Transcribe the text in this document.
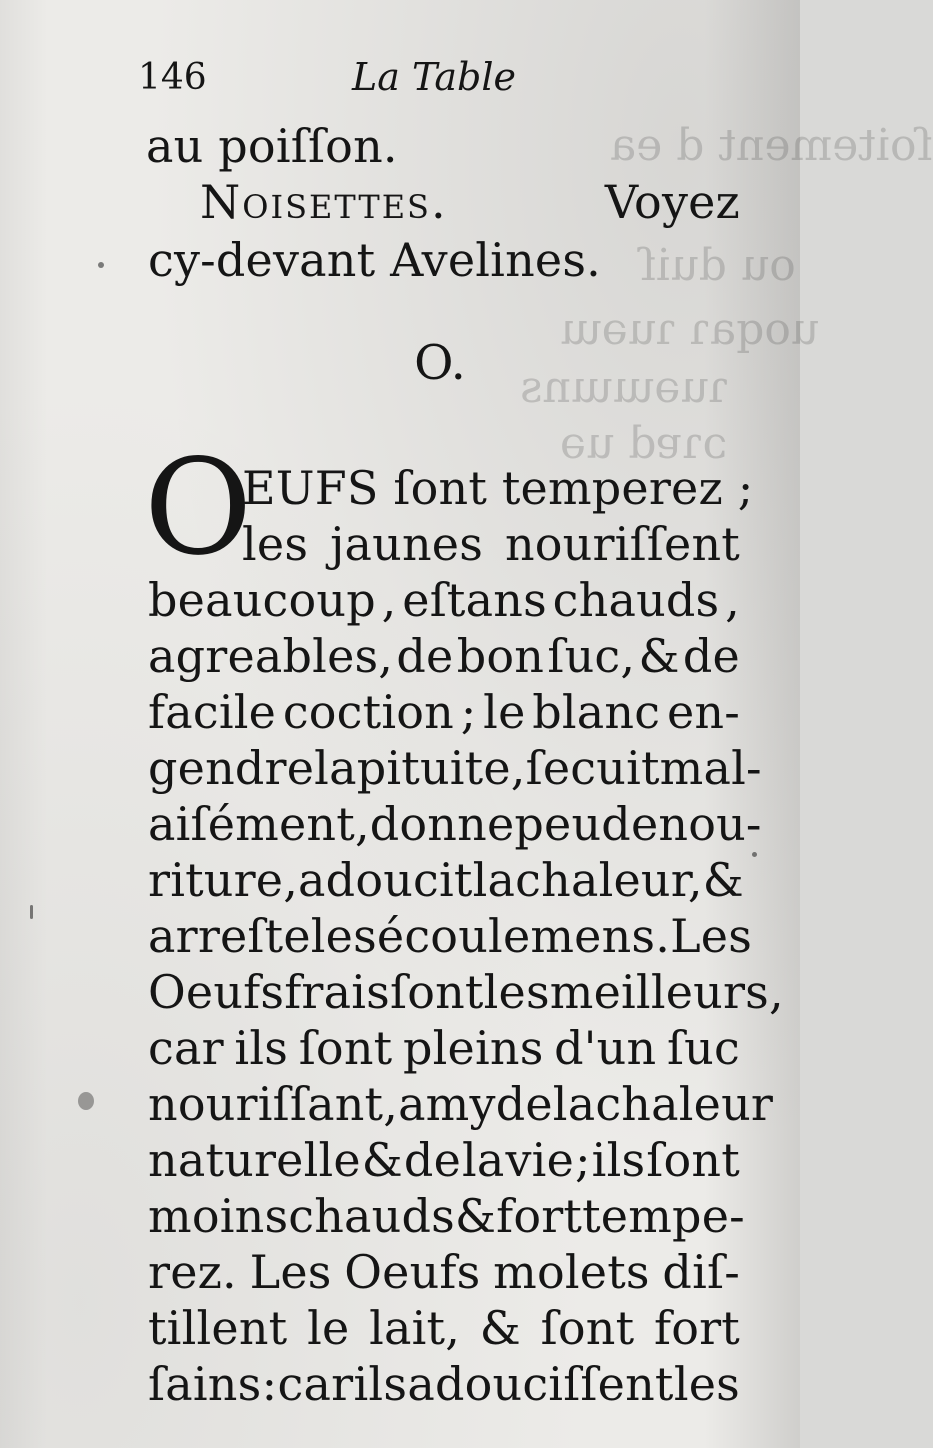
ſoitement d ea
ou duiſ
uoqaɿ ɿuəɯ
ɿuəɯɯns
ɔɿɐd uə
146	La Table
au poiſſon.
Noisettes.	Voyez
cy-devant Avelines.
O.
O
EUFS ſont temperez ;
les jaunes nouriſſent
beaucoup , eſtans chauds ,
agreables, de bon ſuc, & de
facile coction ; le blanc en-
gendre la pituite, ſe cuit mal-
aiſément, donne peu de nou-
riture, adoucit la chaleur, &
arreſte les écoulemens. Les
Oeufs frais ſont les meilleurs,
car ils ſont pleins d'un ſuc
nouriſſant, amy de la chaleur
naturelle & de la vie ; ils ſont
moins chauds & fort tempe-
rez. Les Oeufs molets diſ-
tillent le lait, & ſont fort
ſains : car ils adouciſſent les
